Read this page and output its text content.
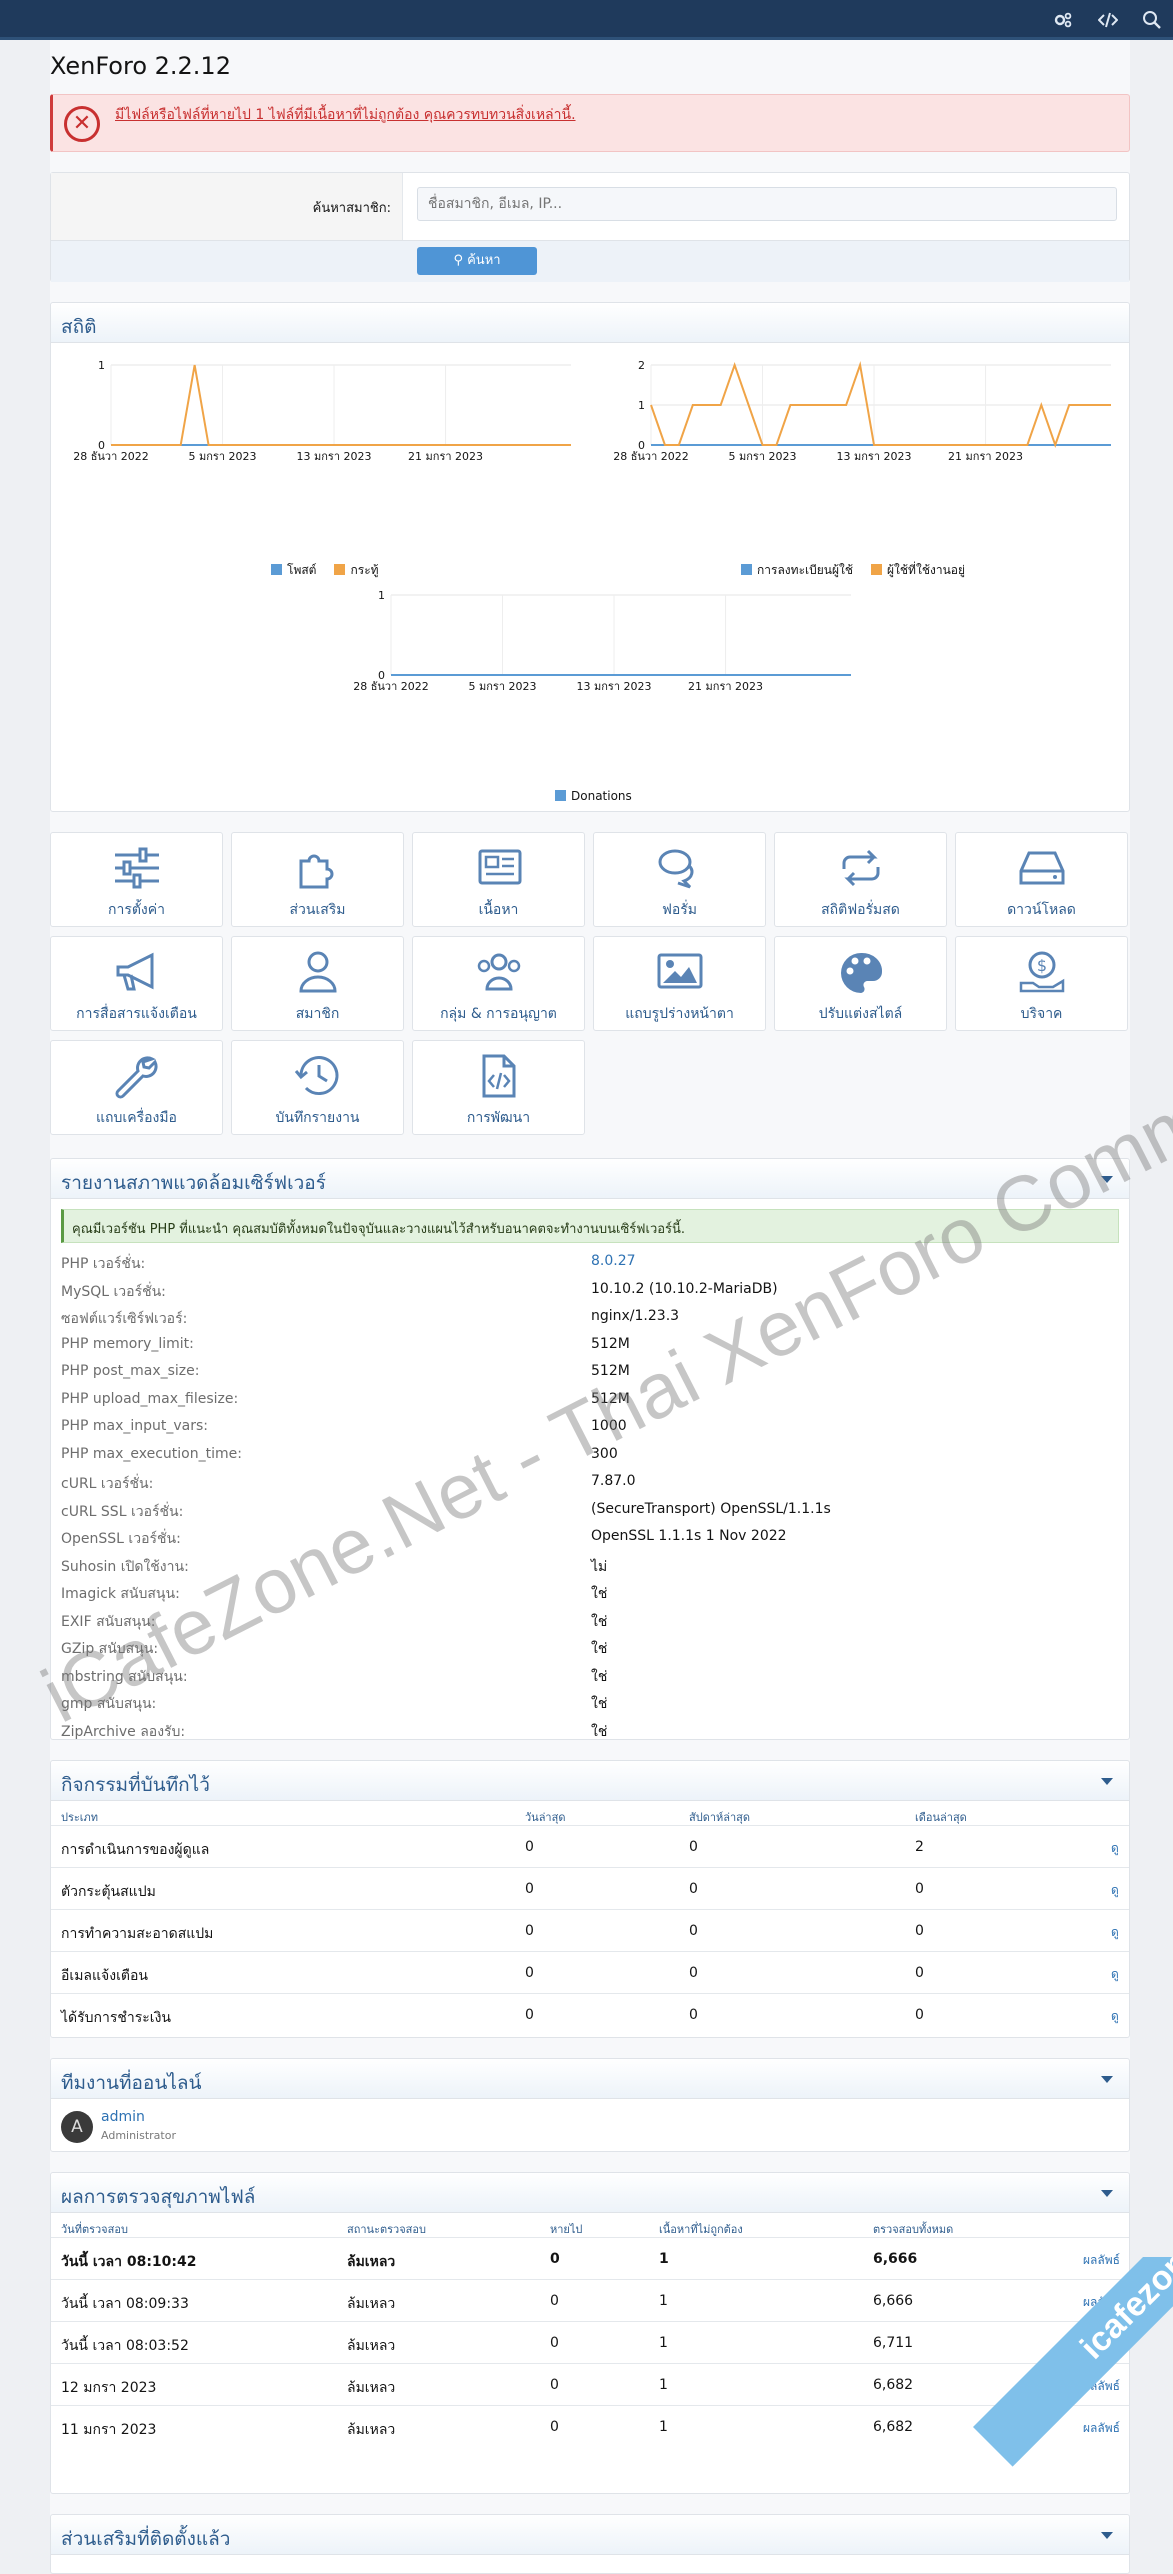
XenForo 2.2.12
✕	มีไฟล์หรือไฟล์ที่หายไป 1 ไฟล์ที่มีเนื้อหาที่ไม่ถูกต้อง คุณควรทบทวนสิ่งเหล่านี้.
ค้นหาสมาชิก:
ชื่อสมาชิก, อีเมล, IP...
⚲ ค้นหา
สถิติ
0
1
28 ธันวา 2022	5 มกรา 2023	13 มกรา 2023	21 มกรา 2023
0
1
2
28 ธันวา 2022	5 มกรา 2023	13 มกรา 2023	21 มกรา 2023
0
1
28 ธันวา 2022	5 มกรา 2023	13 มกรา 2023	21 มกรา 2023
โพสต์	กระทู้	การลงทะเบียนผู้ใช้	ผู้ใช้ที่ใช้งานอยู่
Donations
การตั้งค่า	ส่วนเสริม	เนื้อหา	ฟอรั่ม	สถิติฟอรั่มสด	ดาวน์โหลด
การสื่อสารแจ้งเตือน	สมาชิก	กลุ่ม & การอนุญาต	แถบรูปร่างหน้าตา	ปรับแต่งสไตล์
$
บริจาค
แถบเครื่องมือ	บันทึกรายงาน	การพัฒนา
รายงานสภาพแวดล้อมเซิร์ฟเวอร์
คุณมีเวอร์ชัน PHP ที่แนะนำ คุณสมบัติทั้งหมดในปัจจุบันและวางแผนไว้สำหรับอนาคตจะทำงานบนเซิร์ฟเวอร์นี้.
PHP เวอร์ชั่น:	8.0.27
MySQL เวอร์ชั่น:	10.10.2 (10.10.2-MariaDB)
ซอฟต์แวร์เซิร์ฟเวอร์:	nginx/1.23.3
PHP memory_limit:	512M
PHP post_max_size:	512M
PHP upload_max_filesize:	512M
PHP max_input_vars:	1000
PHP max_execution_time:	300
cURL เวอร์ชั่น:	7.87.0
cURL SSL เวอร์ชั่น:	(SecureTransport) OpenSSL/1.1.1s
OpenSSL เวอร์ชั่น:	OpenSSL 1.1.1s 1 Nov 2022
Suhosin เปิดใช้งาน:	ไม่
Imagick สนับสนุน:	ใช่
EXIF สนับสนุน:	ใช่
GZip สนับสนุน:	ใช่
mbstring สนับสนุน:	ใช่
gmp สนับสนุน:	ใช่
ZipArchive ลองรับ:	ใช่
กิจกรรมที่บันทึกไว้
ประเภท	วันล่าสุด	สัปดาห์ล่าสุด	เดือนล่าสุด
การดำเนินการของผู้ดูแล	0	0	2	ดู
ตัวกระตุ้นสแปม	0	0	0	ดู
การทำความสะอาดสแปม	0	0	0	ดู
อีเมลแจ้งเตือน	0	0	0	ดู
ได้รับการชำระเงิน	0	0	0	ดู
ทีมงานที่ออนไลน์
A	admin
Administrator
ผลการตรวจสุขภาพไฟล์
วันที่ตรวจสอบ	สถานะตรวจสอบ	หายไป	เนื้อหาที่ไม่ถูกต้อง	ตรวจสอบทั้งหมด
วันนี้ เวลา 08:10:42	ล้มเหลว	0	1	6,666	ผลลัพธ์
วันนี้ เวลา 08:09:33	ล้มเหลว	0	1	6,666	ผลลัพธ์
วันนี้ เวลา 08:03:52	ล้มเหลว	0	1	6,711	ผลลัพธ์
12 มกรา 2023	ล้มเหลว	0	1	6,682
11 มกรา 2023	ล้มเหลว	0	1	6,682
ส่วนเสริมที่ติดตั้งแล้ว
iCafeZone.Net - Thai XenForo Community
icafezone
